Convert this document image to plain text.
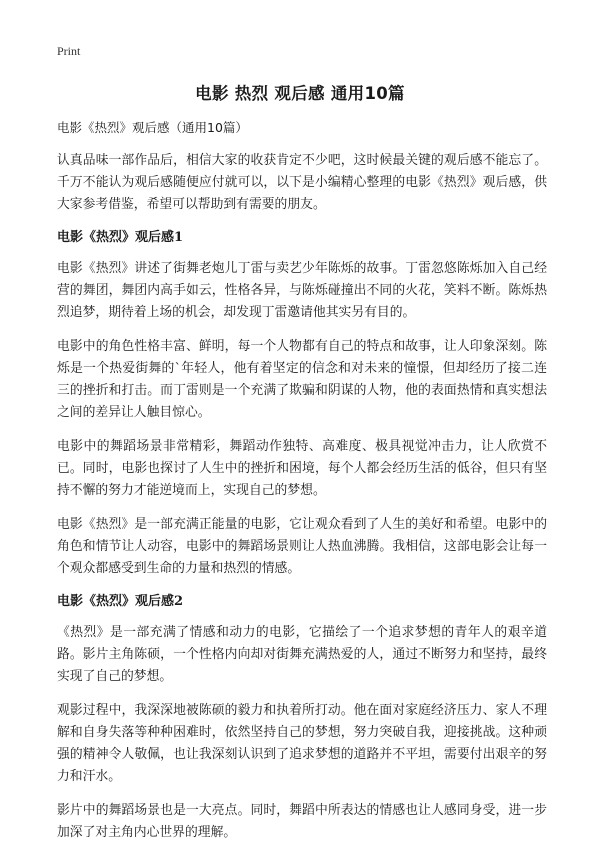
Print
电影 热烈 观后感 通用10篇
电影《热烈》观后感（通用10篇）

认真品味一部作品后，相信大家的收获肯定不少吧，这时候最关键的观后感不能忘了。千万不能认为观后感随便应付就可以，以下是小编精心整理的电影《热烈》观后感，供大家参考借鉴，希望可以帮助到有需要的朋友。

电影《热烈》观后感1

电影《热烈》讲述了街舞老炮儿丁雷与卖艺少年陈烁的故事。丁雷忽悠陈烁加入自己经营的舞团，舞团内高手如云，性格各异，与陈烁碰撞出不同的火花，笑料不断。陈烁热烈追梦，期待着上场的机会，却发现丁雷邀请他其实另有目的。

电影中的角色性格丰富、鲜明，每一个人物都有自己的特点和故事，让人印象深刻。陈烁是一个热爱街舞的`年轻人，他有着坚定的信念和对未来的憧憬，但却经历了接二连三的挫折和打击。而丁雷则是一个充满了欺骗和阴谋的人物，他的表面热情和真实想法之间的差异让人触目惊心。

电影中的舞蹈场景非常精彩，舞蹈动作独特、高难度、极具视觉冲击力，让人欣赏不已。同时，电影也探讨了人生中的挫折和困境，每个人都会经历生活的低谷，但只有坚持不懈的努力才能逆境而上，实现自己的梦想。

电影《热烈》是一部充满正能量的电影，它让观众看到了人生的美好和希望。电影中的角色和情节让人动容，电影中的舞蹈场景则让人热血沸腾。我相信，这部电影会让每一个观众都感受到生命的力量和热烈的情感。

电影《热烈》观后感2

《热烈》是一部充满了情感和动力的电影，它描绘了一个追求梦想的青年人的艰辛道路。影片主角陈硕，一个性格内向却对街舞充满热爱的人，通过不断努力和坚持，最终实现了自己的梦想。

观影过程中，我深深地被陈硕的毅力和执着所打动。他在面对家庭经济压力、家人不理解和自身失落等种种困难时，依然坚持自己的梦想，努力突破自我，迎接挑战。这种顽强的精神令人敬佩，也让我深刻认识到了追求梦想的道路并不平坦，需要付出艰辛的努力和汗水。

影片中的舞蹈场景也是一大亮点。同时，舞蹈中所表达的情感也让人感同身受，进一步加深了对主角内心世界的理解。
